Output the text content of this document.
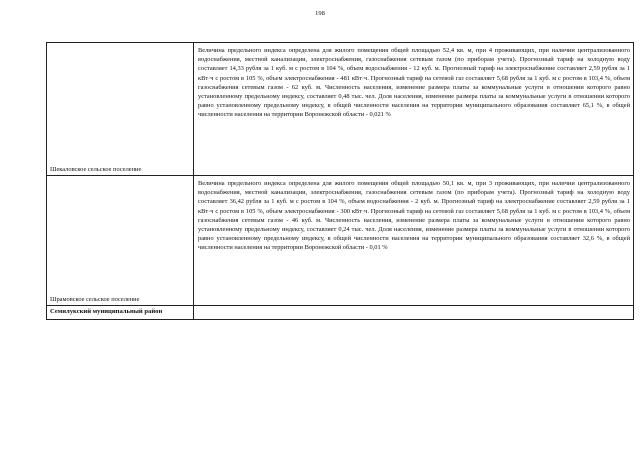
198
Шекаловское сельское поселение	Величина предельного индекса определена для жилого помещения общей площадью 52,4 кв. м, при 4 проживающих, при наличии централизованного водоснабжения, местной канализации, электроснабжения, газоснабжения сетевым газом (по приборам учета). Прогнозный тариф на холодную воду составляет 14,33 рубля за 1 куб. м с ростом в 104 %, объем водоснабжения - 12 куб. м. Прогнозный тариф на электроснабжение составляет 2,59 рубля за 1 кВт·ч с ростом в 105 %, объем электроснабжения - 481 кВт·ч. Прогнозный тариф на сетевой газ составляет 5,68 рубля за 1 куб. м с ростом в 103,4 %, объем газоснабжения сетевым газом - 62 куб. м. Численность населения, изменение размера платы за коммунальные услуги в отношении которого равно установленному предельному индексу, составляет 0,48 тыс. чел. Доля населения, изменение размера платы за коммунальные услуги в отношении которого равно установленному предельному индексу, в общей численности населения на территории муниципального образования составляет 65,1 %, в общей численности населения на территории Воронежской области - 0,021 %

Шрамовское сельское поселение	Величина предельного индекса определена для жилого помещения общей площадью 50,1 кв. м, при 3 проживающих, при наличии централизованного водоснабжения, местной канализации, электроснабжения, газоснабжения сетевым газом (по приборам учета). Прогнозный тариф на холодную воду составляет 36,42 рубля за 1 куб. м с ростом в 104 %, объем водоснабжения - 2 куб. м. Прогнозный тариф на электроснабжение составляет 2,59 рубля за 1 кВт·ч с ростом в 105 %, объем электроснабжения - 300 кВт·ч. Прогнозный тариф на сетевой газ составляет 5,68 рубля за 1 куб. м с ростом в 103,4 %, объем газоснабжения сетевым газом - 46 куб. м. Численность населения, изменение размера платы за коммунальные услуги в отношении которого равно установленному предельному индексу, составляет 0,24 тыс. чел. Доля населения, изменение размера платы за коммунальные услуги в отношении которого равно установленному предельному индексу, в общей численности населения на территории муниципального образования составляет 32,6 %, в общей численности населения на территории Воронежской области - 0,01 %

Семилукский муниципальный район	
